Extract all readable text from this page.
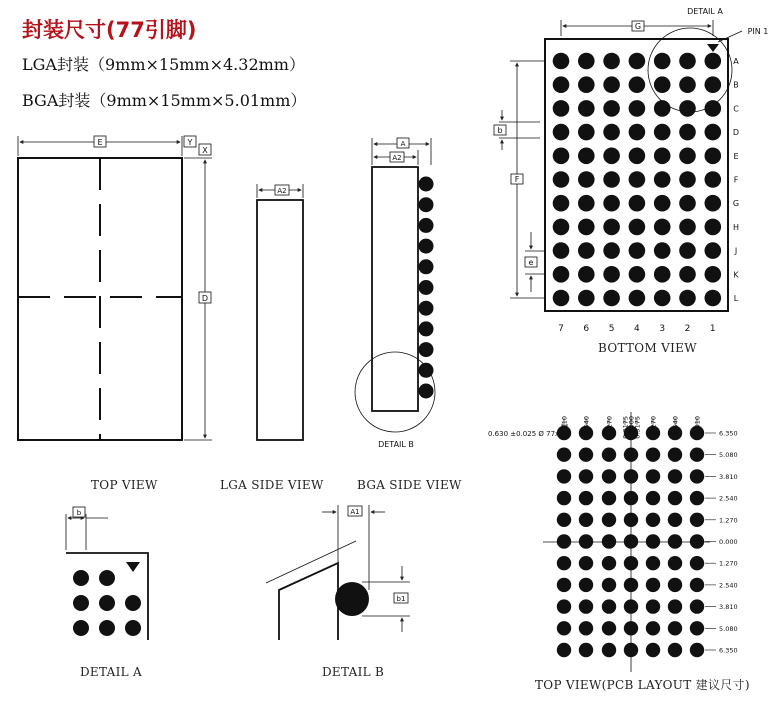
封装尺寸(77引脚)
LGA封装（9mm×15mm×4.32mm）
BGA封装（9mm×15mm×5.01mm）
E	Y
X
D
A2
A
A2
DETAIL B
A
B
C
D
E
F
G
H
J
K
L
7 6 5 4 3 2 1
DETAIL A
PIN 1
G
b
F
e
b	A1
b1
3.810 2.540 1.270 0.3175
0.000
0.3175 1.270 2.540 3.810	6.350
5.080
3.810
2.540
1.270
0.000
1.270
2.540
3.810
5.080
6.350
0.630 ±0.025 Ø 77x
TOP VIEW	LGA SIDE VIEW	BGA SIDE VIEW
DETAIL A	DETAIL B
BOTTOM VIEW
TOP VIEW(PCB LAYOUT 建议尺寸)
